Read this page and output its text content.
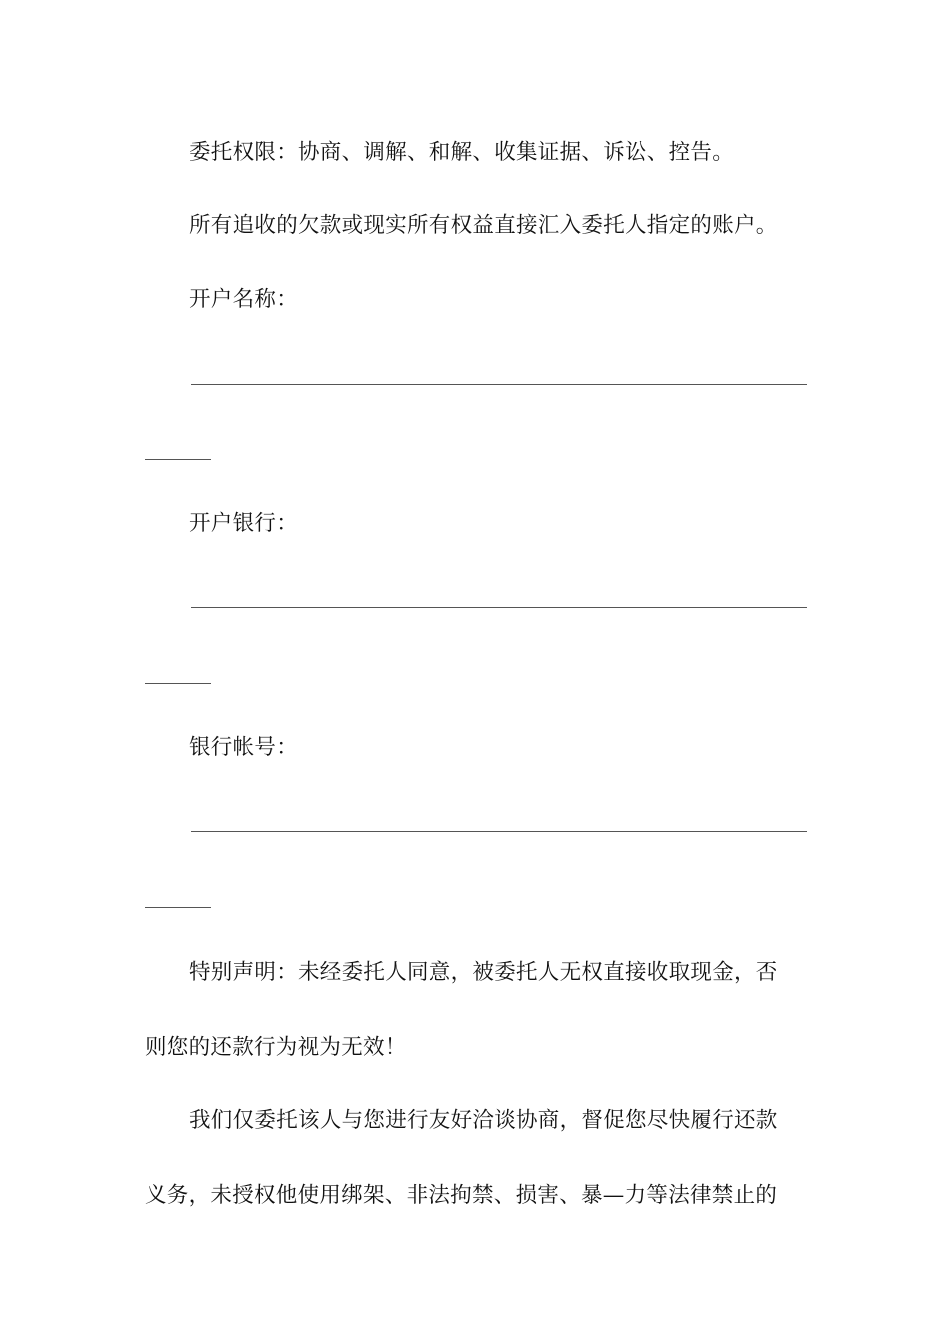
委托权限：协商、调解、和解、收集证据、诉讼、控告。
所有追收的欠款或现实所有权益直接汇入委托人指定的账户。
开户名称：
开户银行：
银行帐号：
特别声明：未经委托人同意，被委托人无权直接收取现金，否
则您的还款行为视为无效！
我们仅委托该人与您进行友好洽谈协商，督促您尽快履行还款
义务，未授权他使用绑架、非法拘禁、损害、暴—力等法律禁止的
